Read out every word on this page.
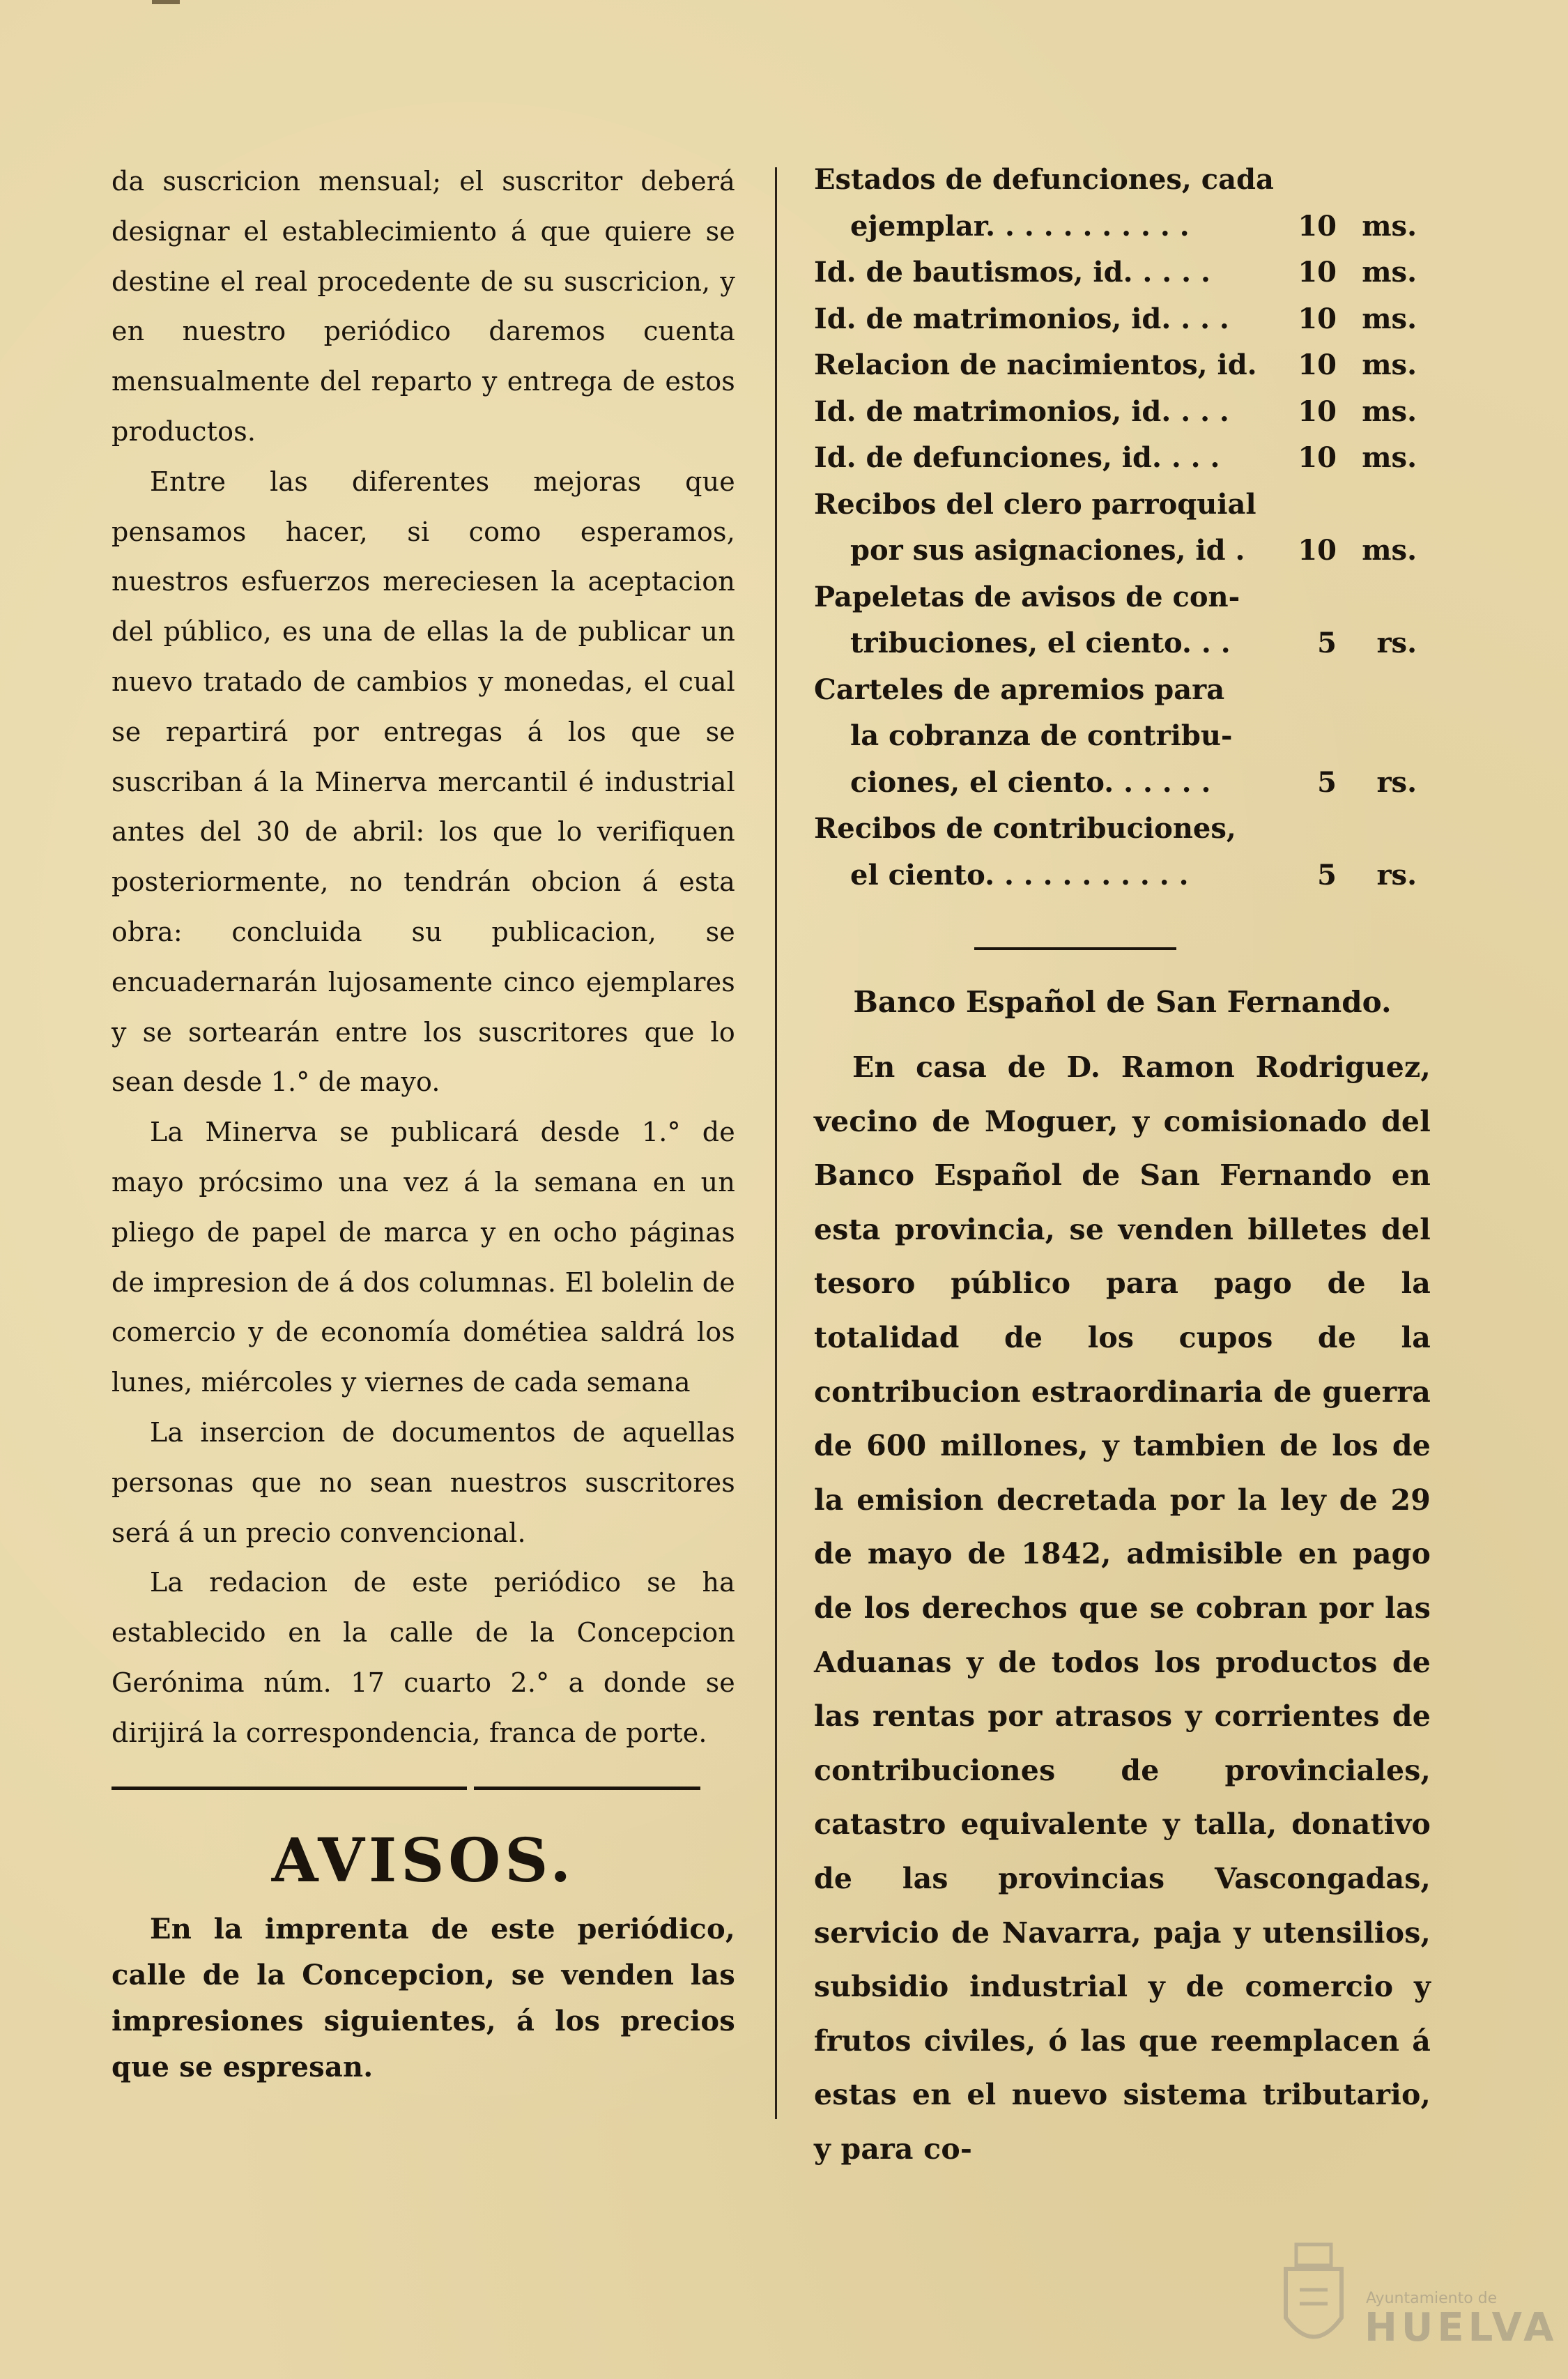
da suscricion mensual; el suscritor deberá designar el establecimiento á que quiere se destine el real procedente de su suscricion, y en nuestro periódico daremos cuenta mensualmente del reparto y entrega de estos productos.

Entre las diferentes mejoras que pensamos hacer, si como esperamos, nuestros esfuerzos mereciesen la aceptacion del público, es una de ellas la de publicar un nuevo tratado de cambios y monedas, el cual se repartirá por entregas á los que se suscriban á la Minerva mercantil é industrial antes del 30 de abril: los que lo verifiquen posteriormente, no tendrán obcion á esta obra: concluida su publicacion, se encuadernarán lujosamente cinco ejemplares y se sortearán entre los suscritores que lo sean desde 1.° de mayo.

La Minerva se publicará desde 1.° de mayo prócsimo una vez á la semana en un pliego de papel de marca y en ocho páginas de impresion de á dos columnas. El bolelin de comercio y de economía dométiea saldrá los lunes, miércoles y viernes de cada semana

La insercion de documentos de aquellas personas que no sean nuestros suscritores será á un precio convencional.

La redacion de este periódico se ha establecido en la calle de la Concepcion Gerónima núm. 17 cuarto 2.° a donde se dirijirá la correspondencia, franca de porte.

AVISOS.

En la imprenta de este periódico, calle de la Concepcion, se venden las impresiones siguientes, á los precios que se espresan.

Estados de defunciones, cada
ejemplar. . . . . . . . . . .	10 ms.
Id. de bautismos, id. . . . .	10 ms.
Id. de matrimonios, id. . . .	10 ms.
Relacion de nacimientos, id.	10 ms.
Id. de matrimonios, id. . . .	10 ms.
Id. de defunciones, id. . . .	10 ms.
Recibos del clero parroquial
por sus asignaciones, id .	10 ms.
Papeletas de avisos de con-
tribuciones, el ciento. . .	5	rs.
Carteles de apremios para
la cobranza de contribu- ciones, el ciento. . . . . .	5	rs.
Recibos de contribuciones,
el ciento. . . . . . . . . . .	5	rs.
Banco Español de San Fernando.

En casa de D. Ramon Rodriguez, vecino de Moguer, y comisionado del Banco Español de San Fernando en esta provincia, se venden billetes del tesoro público para pago de la totalidad de los cupos de la contribucion estraordinaria de guerra de 600 millones, y tambien de los de la emision decretada por la ley de 29 de mayo de 1842, admisible en pago de los derechos que se cobran por las Aduanas y de todos los productos de las rentas por atrasos y corrientes de contribuciones de provinciales, catastro equivalente y talla, donativo de las provincias Vascongadas, servicio de Navarra, paja y utensilios, subsidio industrial y de comercio y frutos civiles, ó las que reemplacen á estas en el nuevo sistema tributario, y para co-

Ayuntamiento de
HUELVA
